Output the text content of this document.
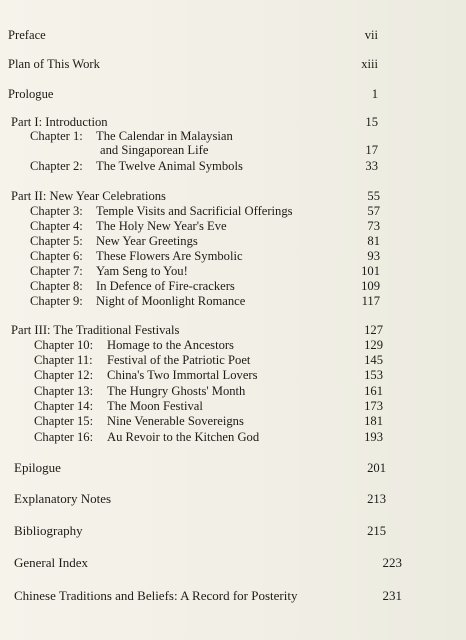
Preface	vii
Plan of This Work	xiii
Prologue	1
Part I: Introduction	15
Chapter 1: The Calendar in Malaysian
and Singaporean Life	17
Chapter 2: The Twelve Animal Symbols	33
Part II: New Year Celebrations	55
Chapter 3: Temple Visits and Sacrificial Offerings	57
Chapter 4: The Holy New Year's Eve	73
Chapter 5: New Year Greetings	81
Chapter 6: These Flowers Are Symbolic	93
Chapter 7: Yam Seng to You!	101
Chapter 8: In Defence of Fire-crackers	109
Chapter 9: Night of Moonlight Romance	117
Part III: The Traditional Festivals	127
Chapter 10: Homage to the Ancestors	129
Chapter 11: Festival of the Patriotic Poet	145
Chapter 12: China's Two Immortal Lovers	153
Chapter 13: The Hungry Ghosts' Month	161
Chapter 14: The Moon Festival	173
Chapter 15: Nine Venerable Sovereigns	181
Chapter 16: Au Revoir to the Kitchen God	193
Epilogue	201
Explanatory Notes	213
Bibliography	215
General Index	223
Chinese Traditions and Beliefs: A Record for Posterity	231
